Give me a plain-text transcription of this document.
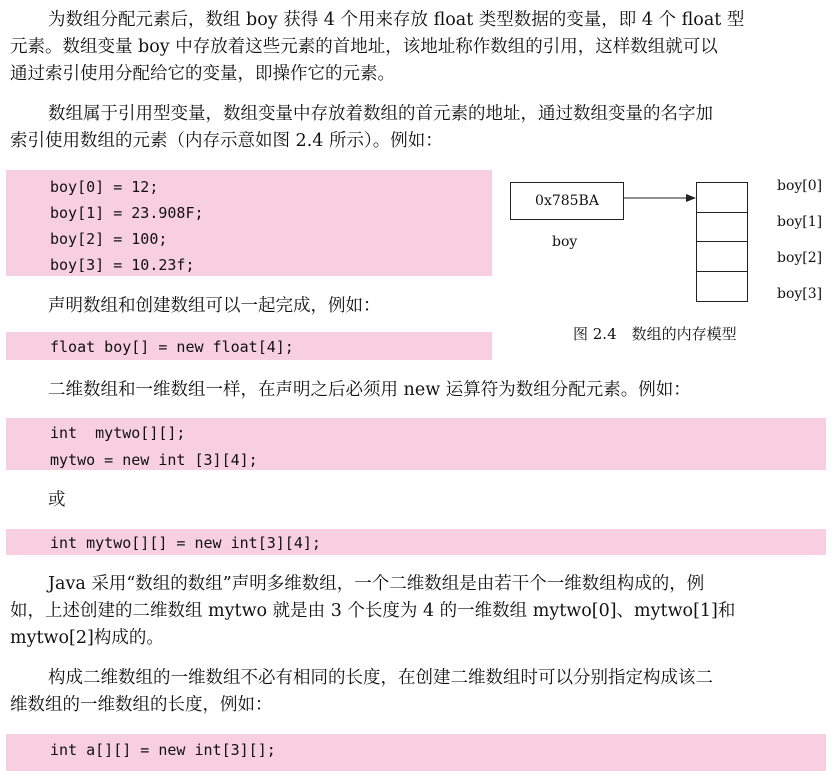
为数组分配元素后，数组 boy 获得 4 个用来存放 float 类型数据的变量，即 4 个 float 型
元素。数组变量 boy 中存放着这些元素的首地址，该地址称作数组的引用，这样数组就可以
通过索引使用分配给它的变量，即操作它的元素。
数组属于引用型变量，数组变量中存放着数组的首元素的地址，通过数组变量的名字加
索引使用数组的元素（内存示意如图 2.4 所示）。例如：
boy[0] = 12;
boy[1] = 23.908F;
boy[2] = 100;
boy[3] = 10.23f;
声明数组和创建数组可以一起完成，例如：
float boy[] = new float[4];
0x785BA
boy
boy[0]
boy[1]
boy[2]
boy[3]
图 2.4　数组的内存模型
二维数组和一维数组一样，在声明之后必须用 new 运算符为数组分配元素。例如：
int  mytwo[][];
mytwo = new int [3][4];
或
int mytwo[][] = new int[3][4];
Java 采用“数组的数组”声明多维数组，一个二维数组是由若干个一维数组构成的，例
如，上述创建的二维数组 mytwo 就是由 3 个长度为 4 的一维数组 mytwo[0]、mytwo[1]和
mytwo[2]构成的。
构成二维数组的一维数组不必有相同的长度，在创建二维数组时可以分别指定构成该二
维数组的一维数组的长度，例如：
int a[][] = new int[3][];
